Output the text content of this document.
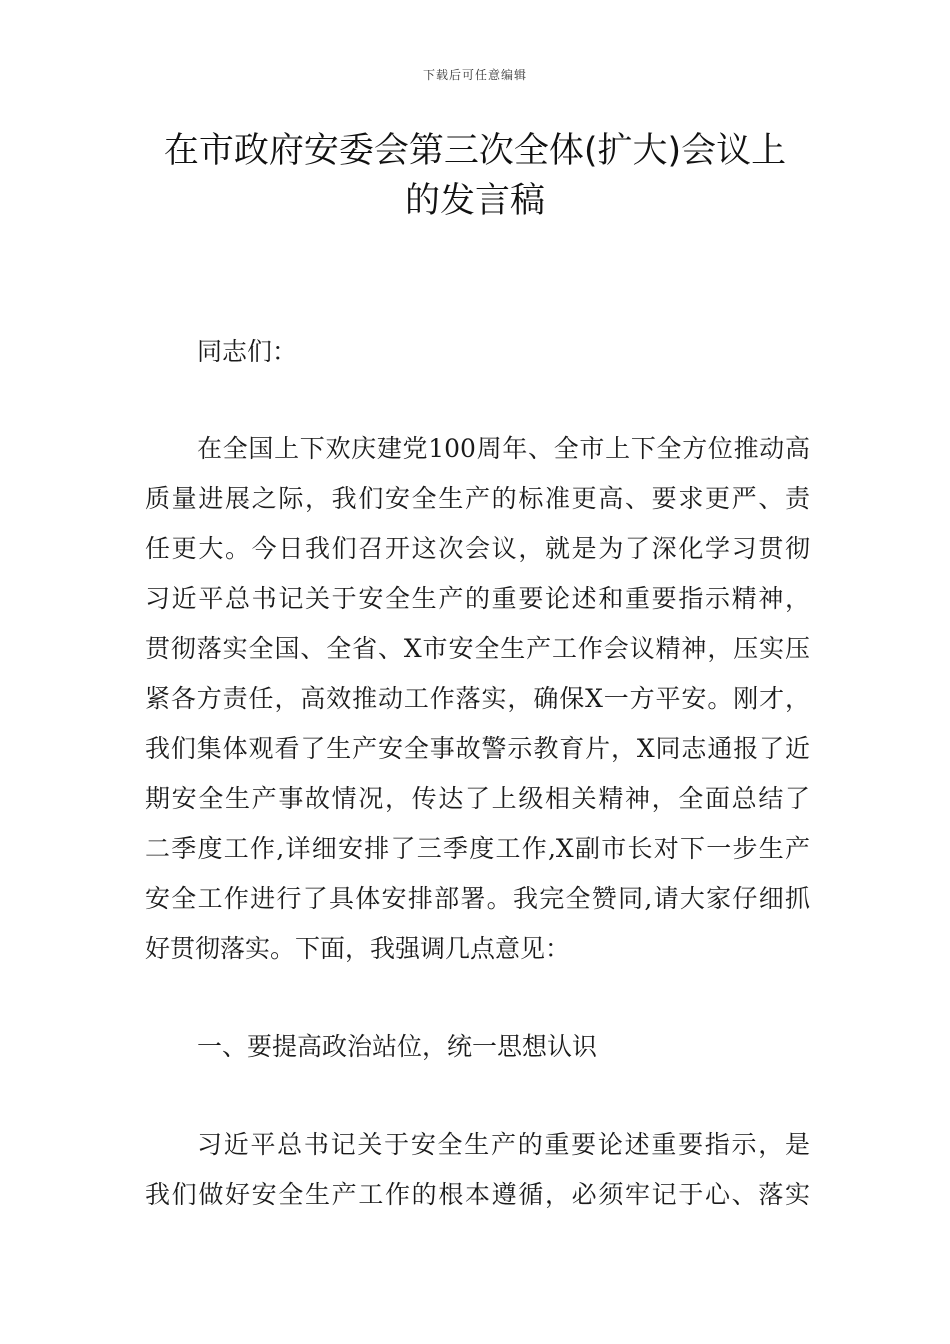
下载后可任意编辑
在市政府安委会第三次全体(扩大)会议上
的发言稿
同志们：
在全国上下欢庆建党100周年、全市上下全方位推动高
质量进展之际，我们安全生产的标准更高、要求更严、责
任更大。今日我们召开这次会议，就是为了深化学习贯彻
习近平总书记关于安全生产的重要论述和重要指示精神，
贯彻落实全国、全省、X市安全生产工作会议精神，压实压
紧各方责任，高效推动工作落实，确保X一方平安。刚才，
我们集体观看了生产安全事故警示教育片，X同志通报了近
期安全生产事故情况，传达了上级相关精神，全面总结了
二季度工作,详细安排了三季度工作,X副市长对下一步生产
安全工作进行了具体安排部署。我完全赞同,请大家仔细抓
好贯彻落实。下面，我强调几点意见：
一、要提高政治站位，统一思想认识
习近平总书记关于安全生产的重要论述重要指示，是
我们做好安全生产工作的根本遵循，必须牢记于心、落实
